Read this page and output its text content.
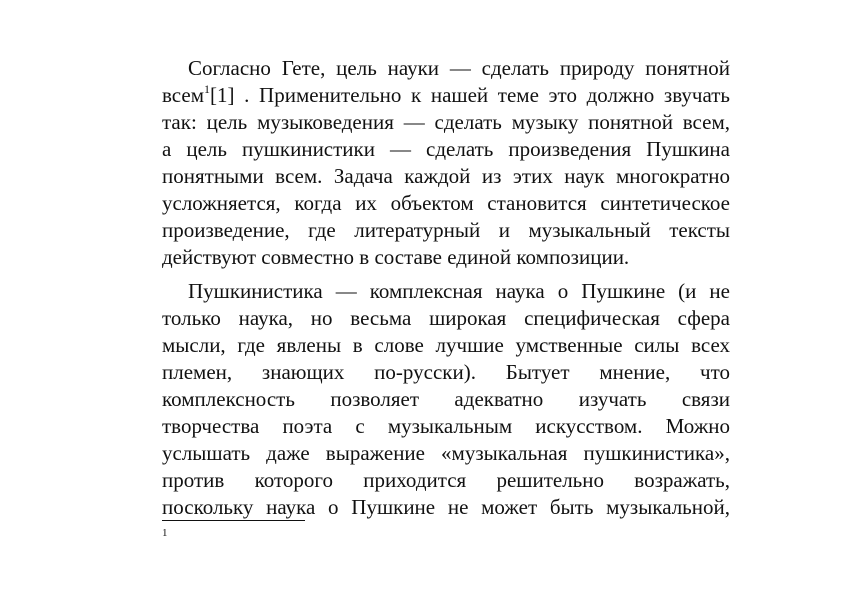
Согласно Гете, цель науки — сделать природу понятной
всем$^1$[1] . Применительно к нашей теме это должно звучать
так: цель музыковедения — сделать музыку понятной всем,
а цель пушкинистики — сделать произведения Пушкина
понятными всем. Задача каждой из этих наук многократно
усложняется, когда их объектом становится синтетическое
произведение, где литературный и музыкальный тексты
действуют совместно в составе единой композиции.
Пушкинистика — комплексная наука о Пушкине (и не
только наука, но весьма широкая специфическая сфера
мысли, где явлены в слове лучшие умственные силы всех
племен, знающих по-русски). Бытует мнение, что
комплексность позволяет адекватно изучать связи
творчества поэта с музыкальным искусством. Можно
услышать даже выражение «музыкальная пушкинистика»,
против которого приходится решительно возражать,
поскольку наука о Пушкине не может быть музыкальной,
1
